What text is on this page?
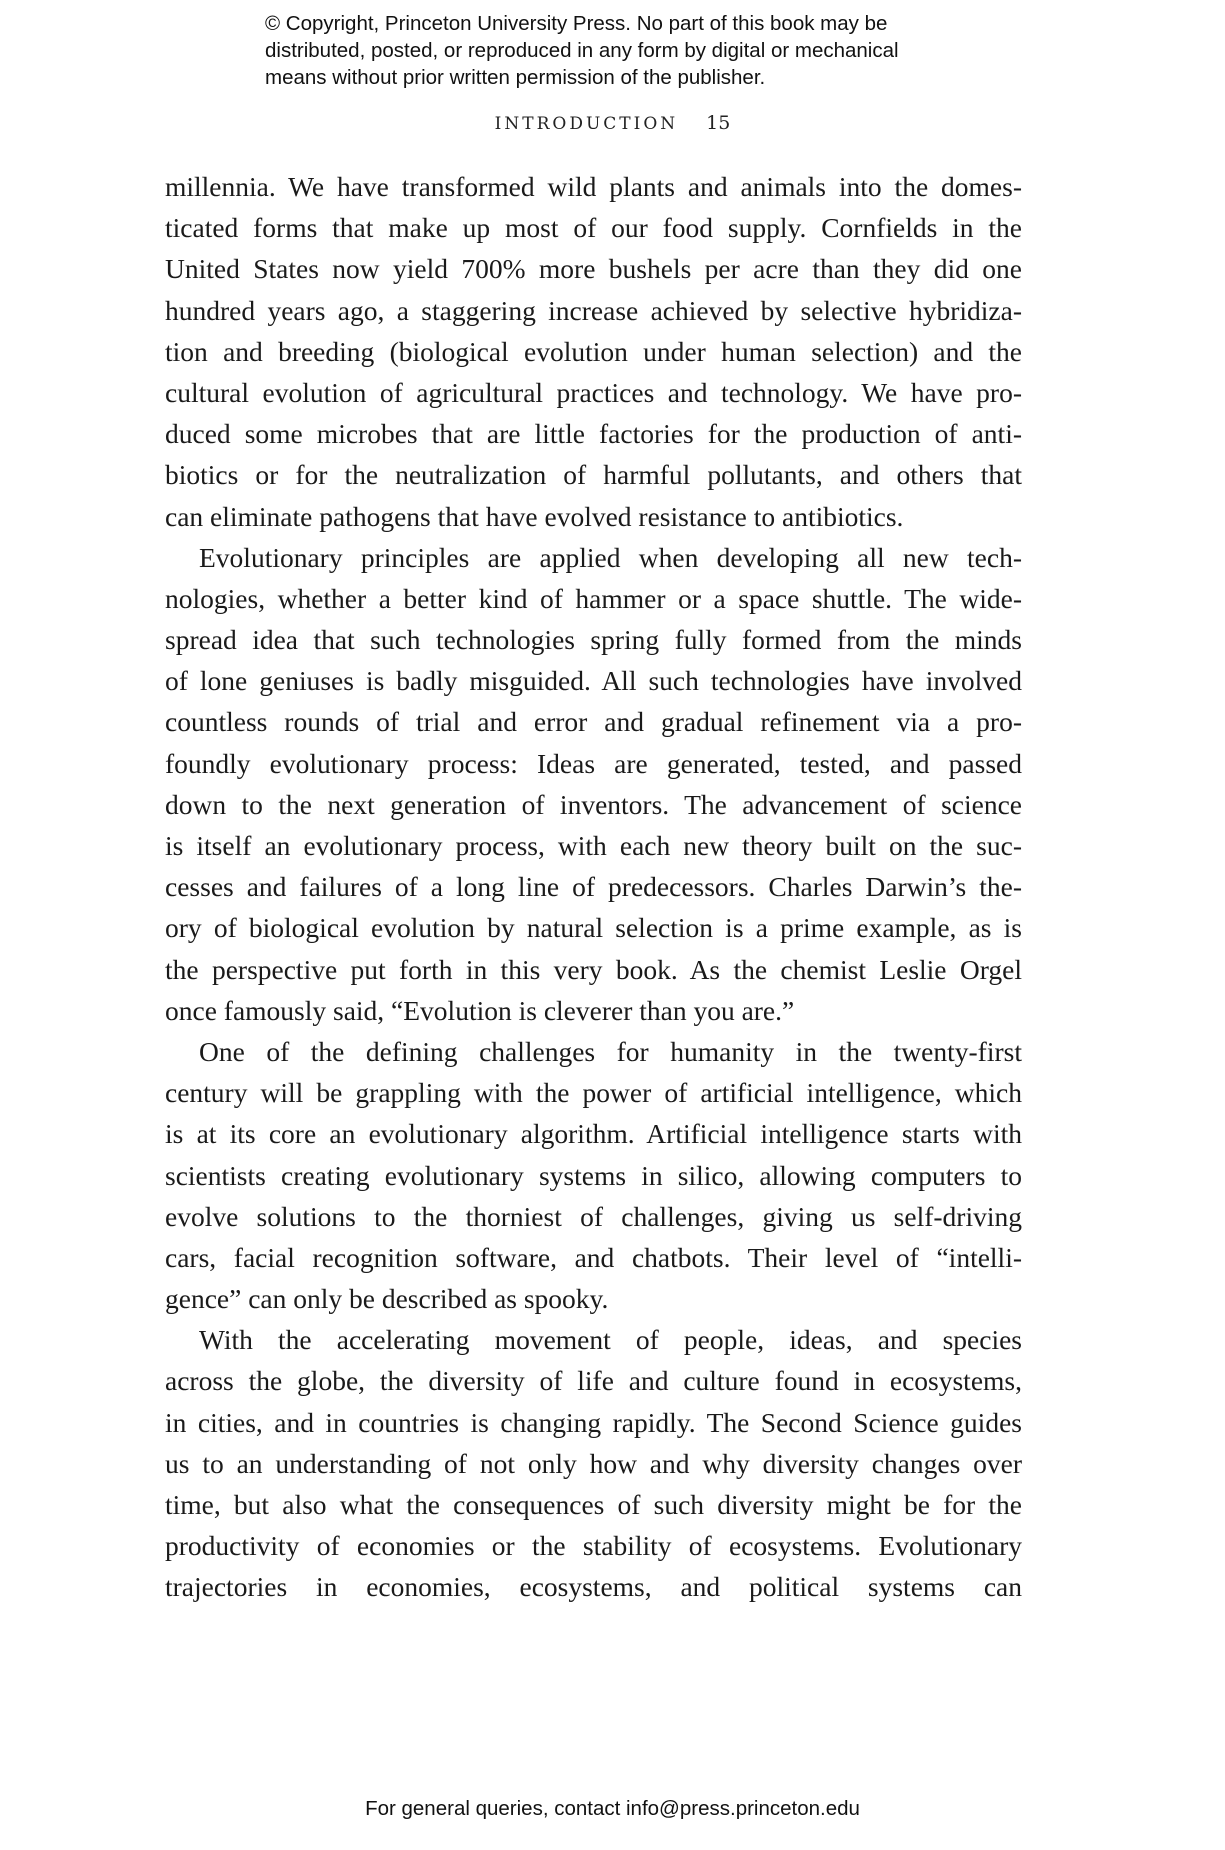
© Copyright, Princeton University Press. No part of this book may be
distributed, posted, or reproduced in any form by digital or mechanical
means without prior written permission of the publisher.
INTRODUCTION 15
millennia. We have transformed wild plants and animals into the domes-
ticated forms that make up most of our food supply. Cornfields in the
United States now yield 700% more bushels per acre than they did one
hundred years ago, a staggering increase achieved by selective hybridiza-
tion and breeding (biological evolution under human selection) and the
cultural evolution of agricultural practices and technology. We have pro-
duced some microbes that are little factories for the production of anti-
biotics or for the neutralization of harmful pollutants, and others that
can eliminate pathogens that have evolved resistance to antibiotics.
Evolutionary principles are applied when developing all new tech-
nologies, whether a better kind of hammer or a space shuttle. The wide-
spread idea that such technologies spring fully formed from the minds
of lone geniuses is badly misguided. All such technologies have involved
countless rounds of trial and error and gradual refinement via a pro-
foundly evolutionary process: Ideas are generated, tested, and passed
down to the next generation of inventors. The advancement of science
is itself an evolutionary process, with each new theory built on the suc-
cesses and failures of a long line of predecessors. Charles Darwin’s the-
ory of biological evolution by natural selection is a prime example, as is
the perspective put forth in this very book. As the chemist Leslie Orgel
once famously said, “Evolution is cleverer than you are.”
One of the defining challenges for humanity in the twenty-first
century will be grappling with the power of artificial intelligence, which
is at its core an evolutionary algorithm. Artificial intelligence starts with
scientists creating evolutionary systems in silico, allowing computers to
evolve solutions to the thorniest of challenges, giving us self-driving
cars, facial recognition software, and chatbots. Their level of “intelli-
gence” can only be described as spooky.
With the accelerating movement of people, ideas, and species
across the globe, the diversity of life and culture found in ecosystems,
in cities, and in countries is changing rapidly. The Second Science guides
us to an understanding of not only how and why diversity changes over
time, but also what the consequences of such diversity might be for the
productivity of economies or the stability of ecosystems. Evolutionary
trajectories in economies, ecosystems, and political systems can
For general queries, contact info@press.princeton.edu
